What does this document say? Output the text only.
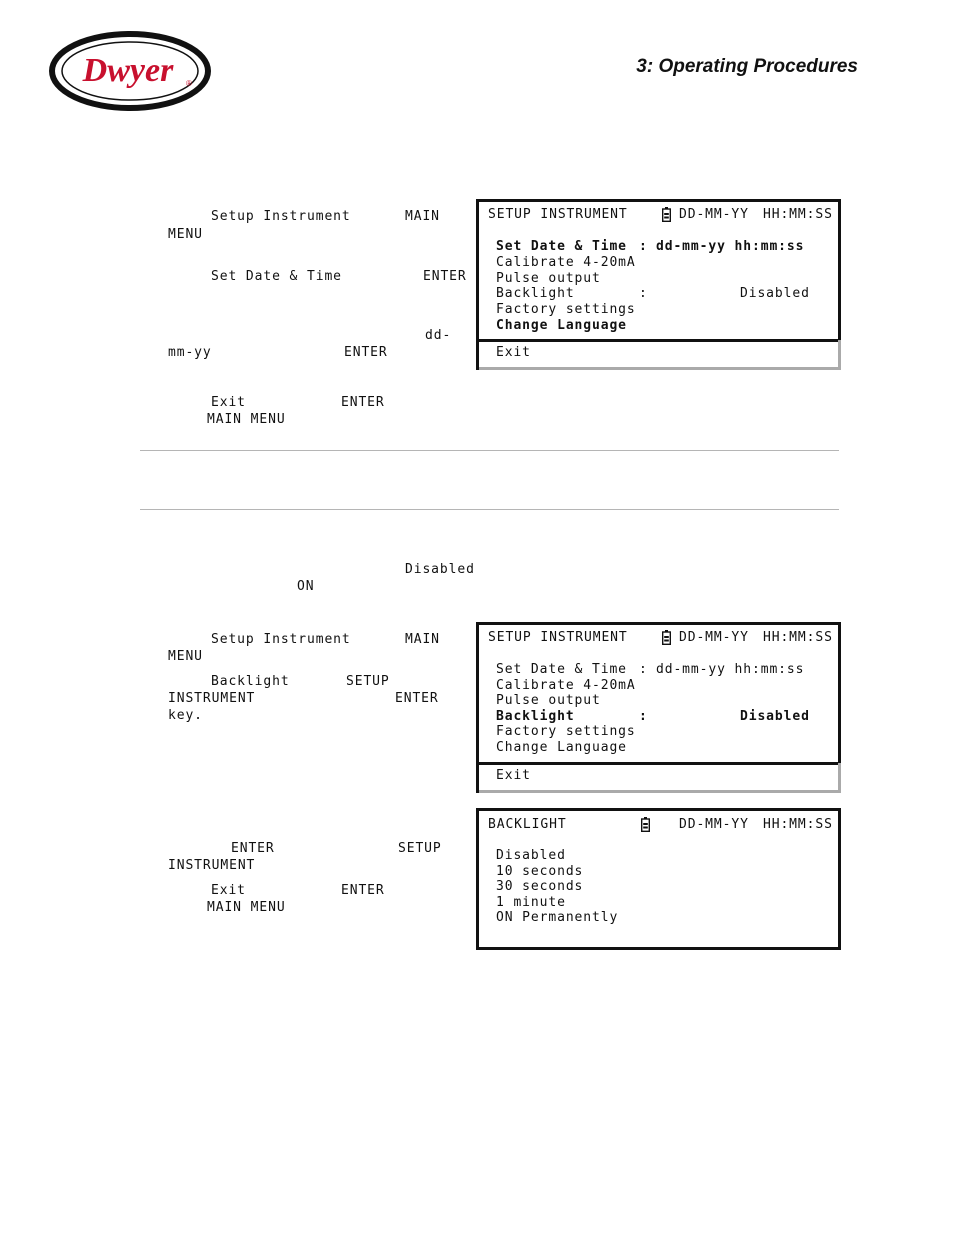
Dwyer ®
3: Operating Procedures
Setup Instrument	MAIN
MENU
Set Date & Time	ENTER
dd-
mm-yy	ENTER
Exit	ENTER
MAIN MENU
SETUP INSTRUMENT	DD-MM-YY HH:MM:SS
Set Date & Time : dd-mm-yy hh:mm:ss
Calibrate 4-20mA
Pulse output
Backlight	:	Disabled
Factory settings
Change Language
Exit
Disabled
ON
Setup Instrument	MAIN
MENU
Backlight	SETUP
INSTRUMENT	ENTER
key.
ENTER	SETUP
INSTRUMENT
Exit	ENTER
MAIN MENU
SETUP INSTRUMENT	DD-MM-YY HH:MM:SS
Set Date & Time : dd-mm-yy hh:mm:ss
Calibrate 4-20mA
Pulse output
Backlight	:	Disabled
Factory settings
Change Language
Exit
BACKLIGHT	DD-MM-YY HH:MM:SS
Disabled
10 seconds
30 seconds
1 minute
ON Permanently
